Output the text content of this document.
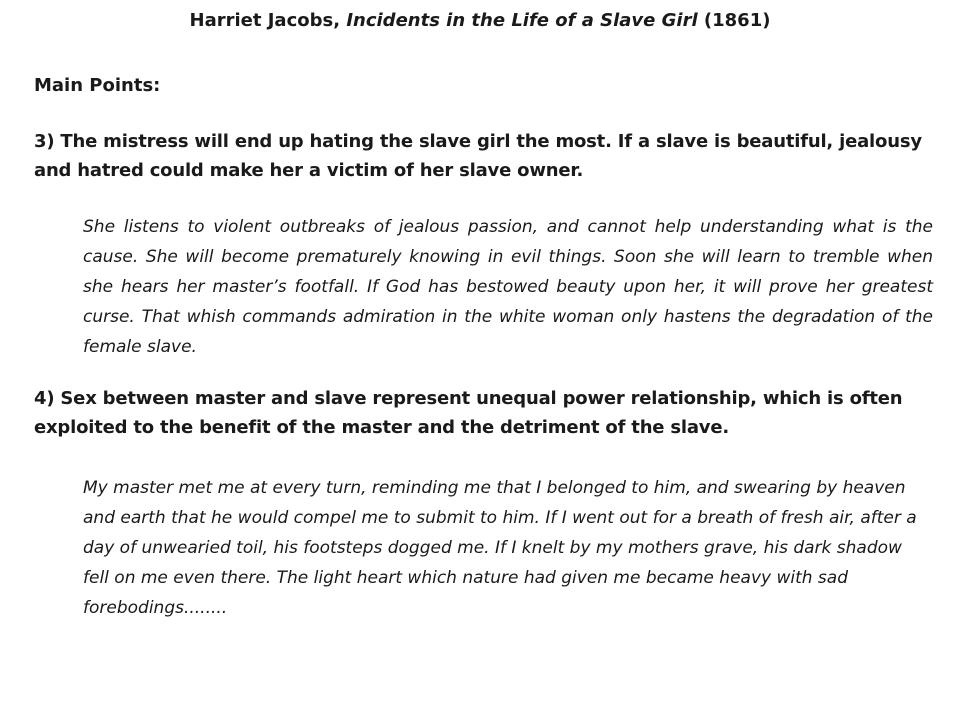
Harriet Jacobs, Incidents in the Life of a Slave Girl (1861)
Main Points:
3) The mistress will end up hating the slave girl the most. If a slave is beautiful, jealousy and hatred could make her a victim of her slave owner.
She listens to violent outbreaks of jealous passion, and cannot help understanding what is the cause. She will become prematurely knowing in evil things. Soon she will learn to tremble when she hears her master’s footfall. If God has bestowed beauty upon her, it will prove her greatest curse. That whish commands admiration in the white woman only hastens the degradation of the female slave.
4) Sex between master and slave represent unequal power relationship, which is often exploited to the benefit of the master and the detriment of the slave.
My master met me at every turn, reminding me that I belonged to him, and swearing by heaven and earth that he would compel me to submit to him. If I went out for a breath of fresh air, after a day of unwearied toil, his footsteps dogged me. If I knelt by my mothers grave, his dark shadow fell on me even there. The light heart which nature had given me became heavy with sad forebodings........
